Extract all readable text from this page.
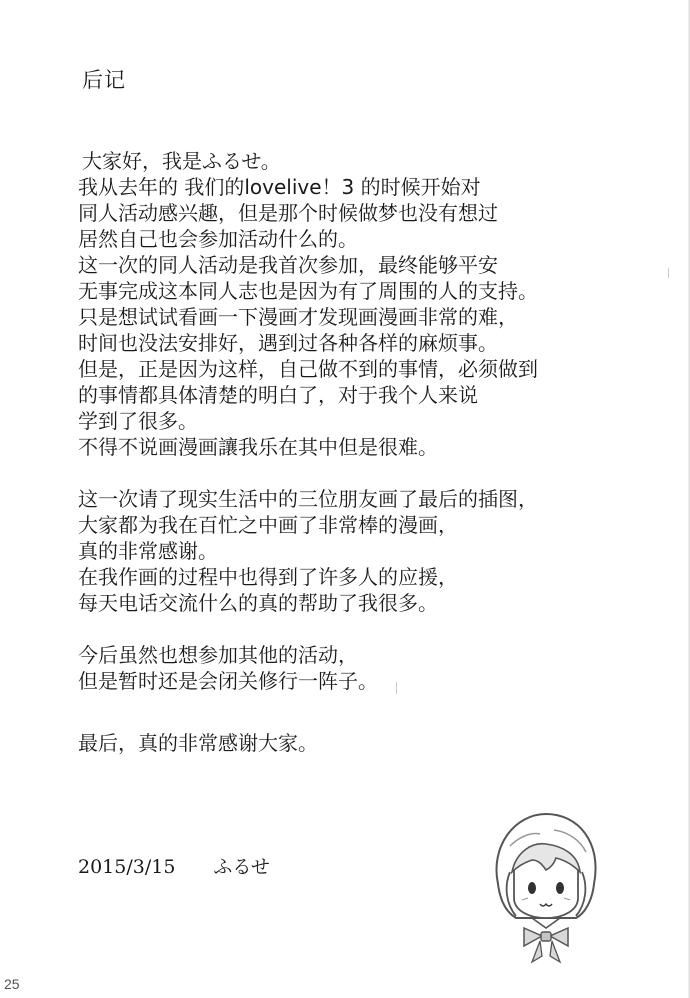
后记
大家好，我是ふるせ。
我从去年的 我们的lovelive！3 的时候开始对
同人活动感兴趣，但是那个时候做梦也没有想过
居然自己也会参加活动什么的。
这一次的同人活动是我首次参加，最终能够平安
无事完成这本同人志也是因为有了周围的人的支持。
只是想试试看画一下漫画才发现画漫画非常的难，
时间也没法安排好，遇到过各种各样的麻烦事。
但是，正是因为这样，自己做不到的事情，必须做到
的事情都具体清楚的明白了，对于我个人来说
学到了很多。
不得不说画漫画讓我乐在其中但是很难。
这一次请了现实生活中的三位朋友画了最后的插图，
大家都为我在百忙之中画了非常棒的漫画，
真的非常感谢。
在我作画的过程中也得到了许多人的应援，
每天电话交流什么的真的帮助了我很多。
今后虽然也想参加其他的活动，
但是暂时还是会闭关修行一阵子。
最后，真的非常感谢大家。
2015/3/15 ふるせ
25
